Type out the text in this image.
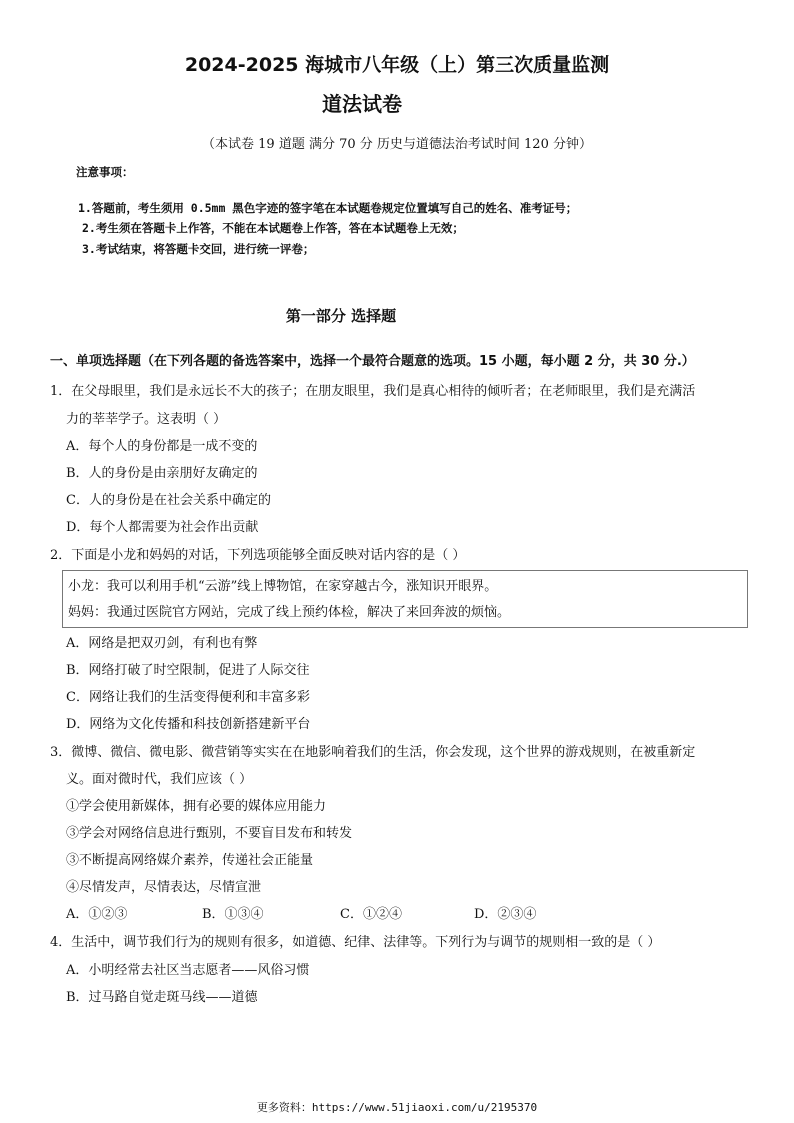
2024-2025 海城市八年级（上）第三次质量监测
道法试卷
（本试卷 19 道题 满分 70 分 历史与道德法治考试时间 120 分钟）
注意事项：
1.答题前，考生须用 0.5mm 黑色字迹的签字笔在本试题卷规定位置填写自己的姓名、准考证号；
2.考生须在答题卡上作答，不能在本试题卷上作答，答在本试题卷上无效；
3.考试结束，将答题卡交回，进行统一评卷；
第一部分 选择题
一、单项选择题（在下列各题的备选答案中，选择一个最符合题意的选项。15 小题，每小题 2 分，共 30 分.）
1．在父母眼里，我们是永远长不大的孩子；在朋友眼里，我们是真心相待的倾听者；在老师眼里，我们是充满活
力的莘莘学子。这表明（ ）
A．每个人的身份都是一成不变的
B．人的身份是由亲朋好友确定的
C．人的身份是在社会关系中确定的
D．每个人都需要为社会作出贡献
2．下面是小龙和妈妈的对话，下列选项能够全面反映对话内容的是（ ）
小龙：我可以利用手机“云游”线上博物馆，在家穿越古今，涨知识开眼界。
妈妈：我通过医院官方网站，完成了线上预约体检，解决了来回奔波的烦恼。
A．网络是把双刃剑，有利也有弊
B．网络打破了时空限制，促进了人际交往
C．网络让我们的生活变得便利和丰富多彩
D．网络为文化传播和科技创新搭建新平台
3．微博、微信、微电影、微营销等实实在在地影响着我们的生活，你会发现，这个世界的游戏规则，在被重新定
义。面对微时代，我们应该（ ）
①学会使用新媒体，拥有必要的媒体应用能力
③学会对网络信息进行甄别，不要盲目发布和转发
③不断提高网络媒介素养，传递社会正能量
④尽情发声，尽情表达，尽情宣泄
A．①②③	B．①③④	C．①②④	D．②③④
4．生活中，调节我们行为的规则有很多，如道德、纪律、法律等。下列行为与调节的规则相一致的是（ ）
A．小明经常去社区当志愿者——风俗习惯
B．过马路自觉走斑马线——道德
更多资料：https://www.51jiaoxi.com/u/2195370
